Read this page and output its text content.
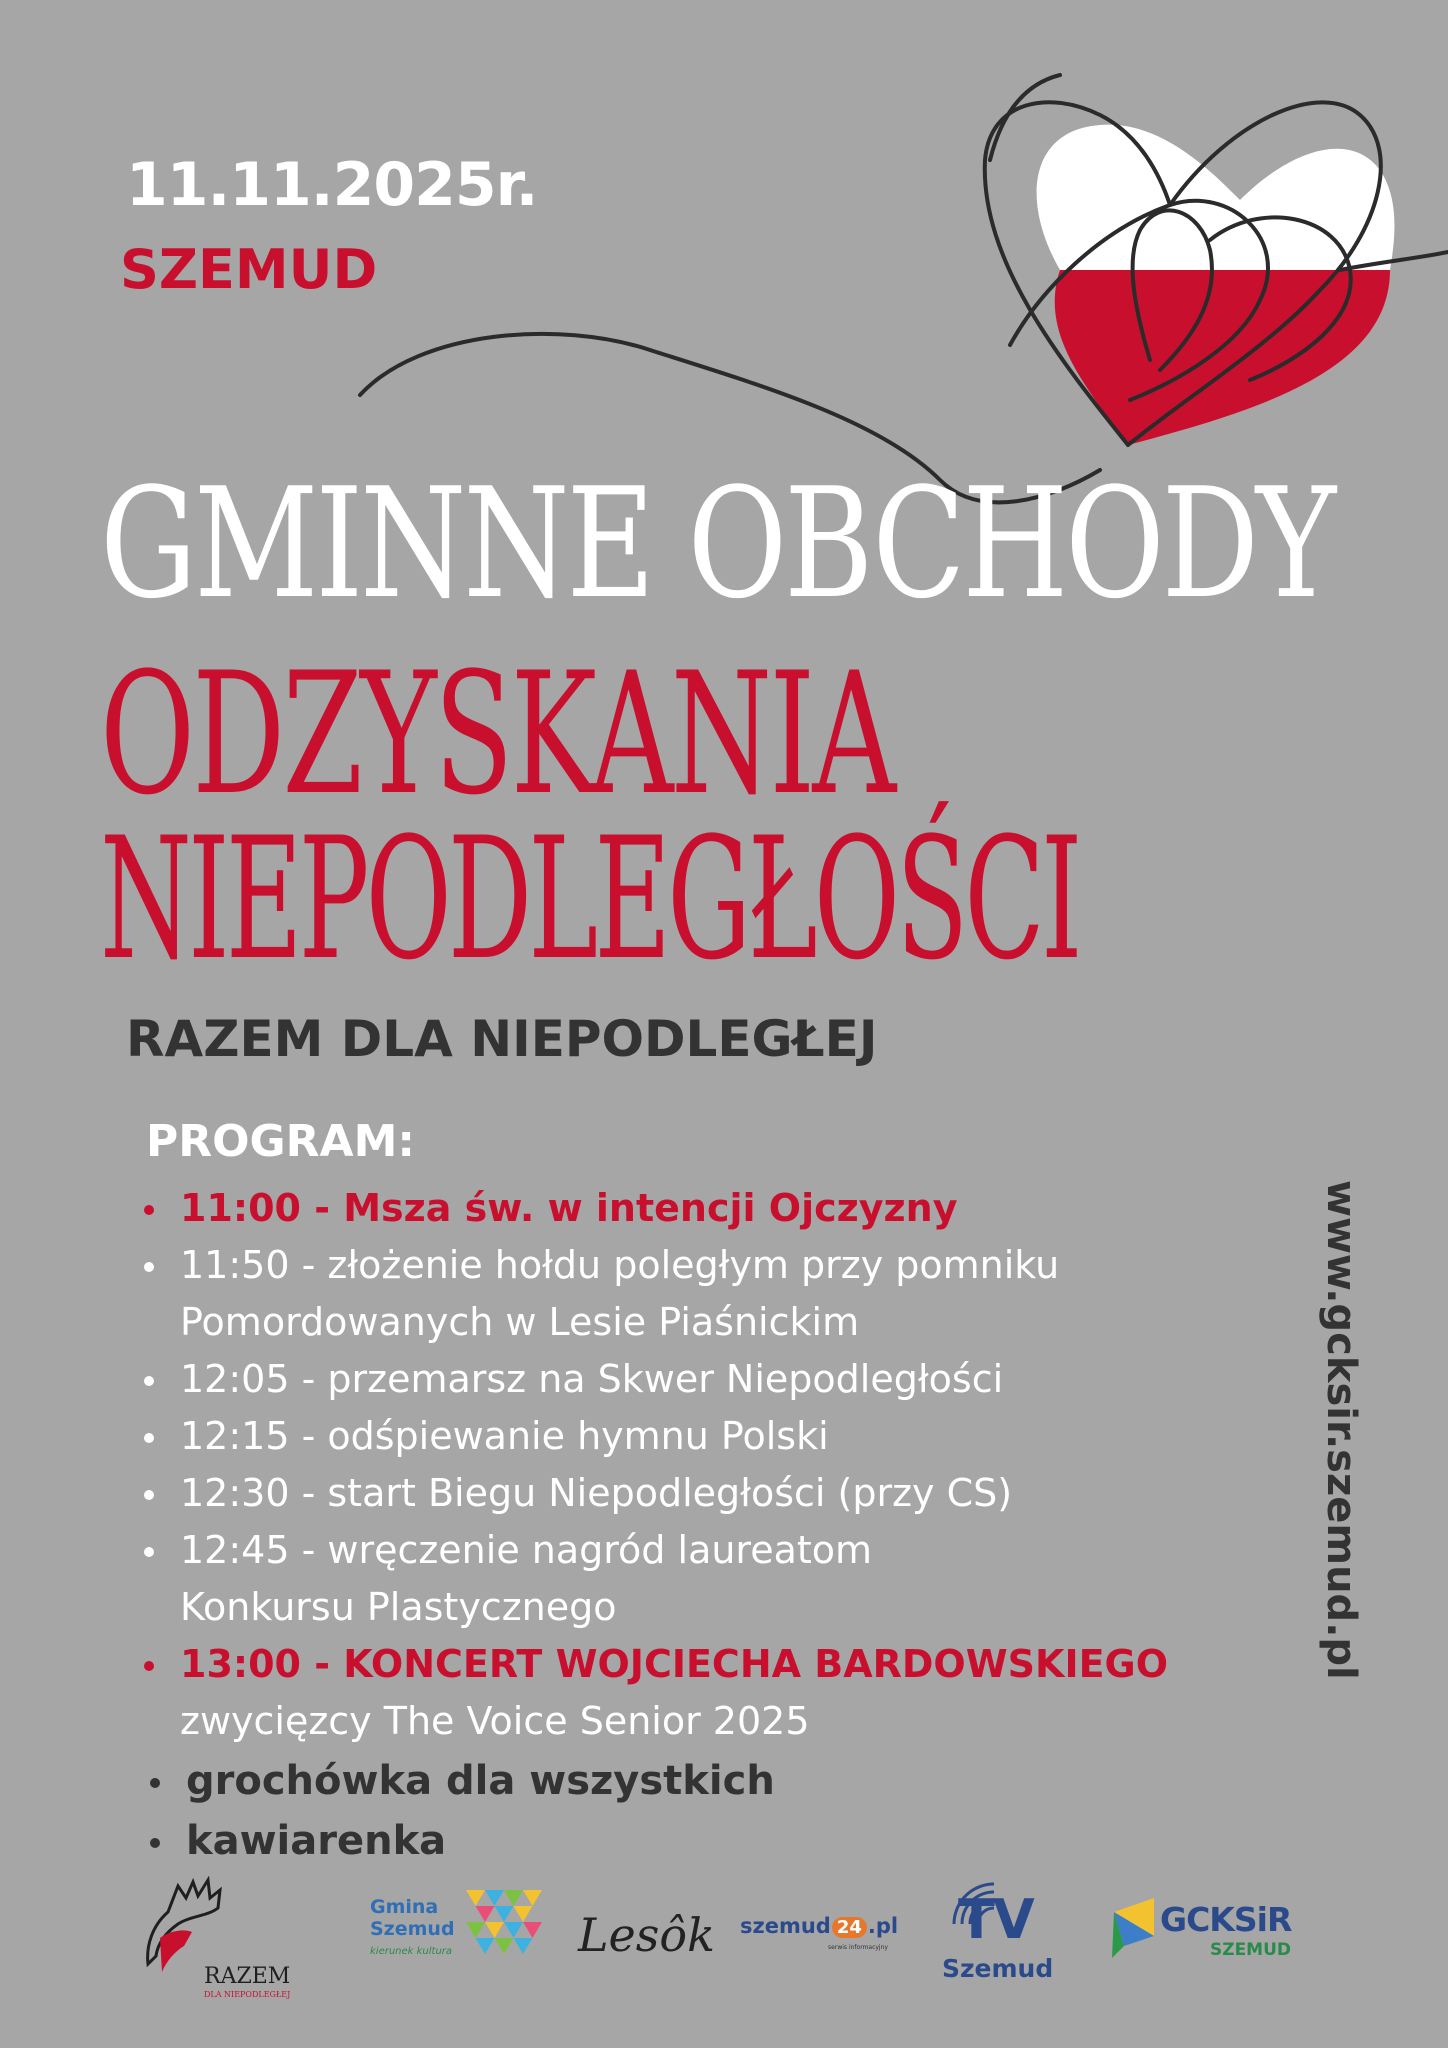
11.11.2025r.
SZEMUD
GMINNE OBCHODY
ODZYSKANIA
NIEPODLEGŁOŚCI
RAZEM DLA NIEPODLEGŁEJ
PROGRAM:
11:00 - Msza św. w intencji Ojczyzny
11:50 - złożenie hołdu poległym przy pomniku
Pomordowanych w Lesie Piaśnickim
12:05 - przemarsz na Skwer Niepodległości
12:15 - odśpiewanie hymnu Polski
12:30 - start Biegu Niepodległości (przy CS)
12:45 - wręczenie nagród laureatom
Konkursu Plastycznego
13:00 - KONCERT WOJCIECHA BARDOWSKIEGO
zwycięzcy The Voice Senior 2025
grochówka dla wszystkich
kawiarenka
www.gcksir.szemud.pl
RAZEM
DLA NIEPODLEGŁEJ
Gmina
Szemud
kierunek kultura	Lesôk szemud 24 .pl
serwis informacyjny TV
Szemud
GCKSiR
SZEMUD
